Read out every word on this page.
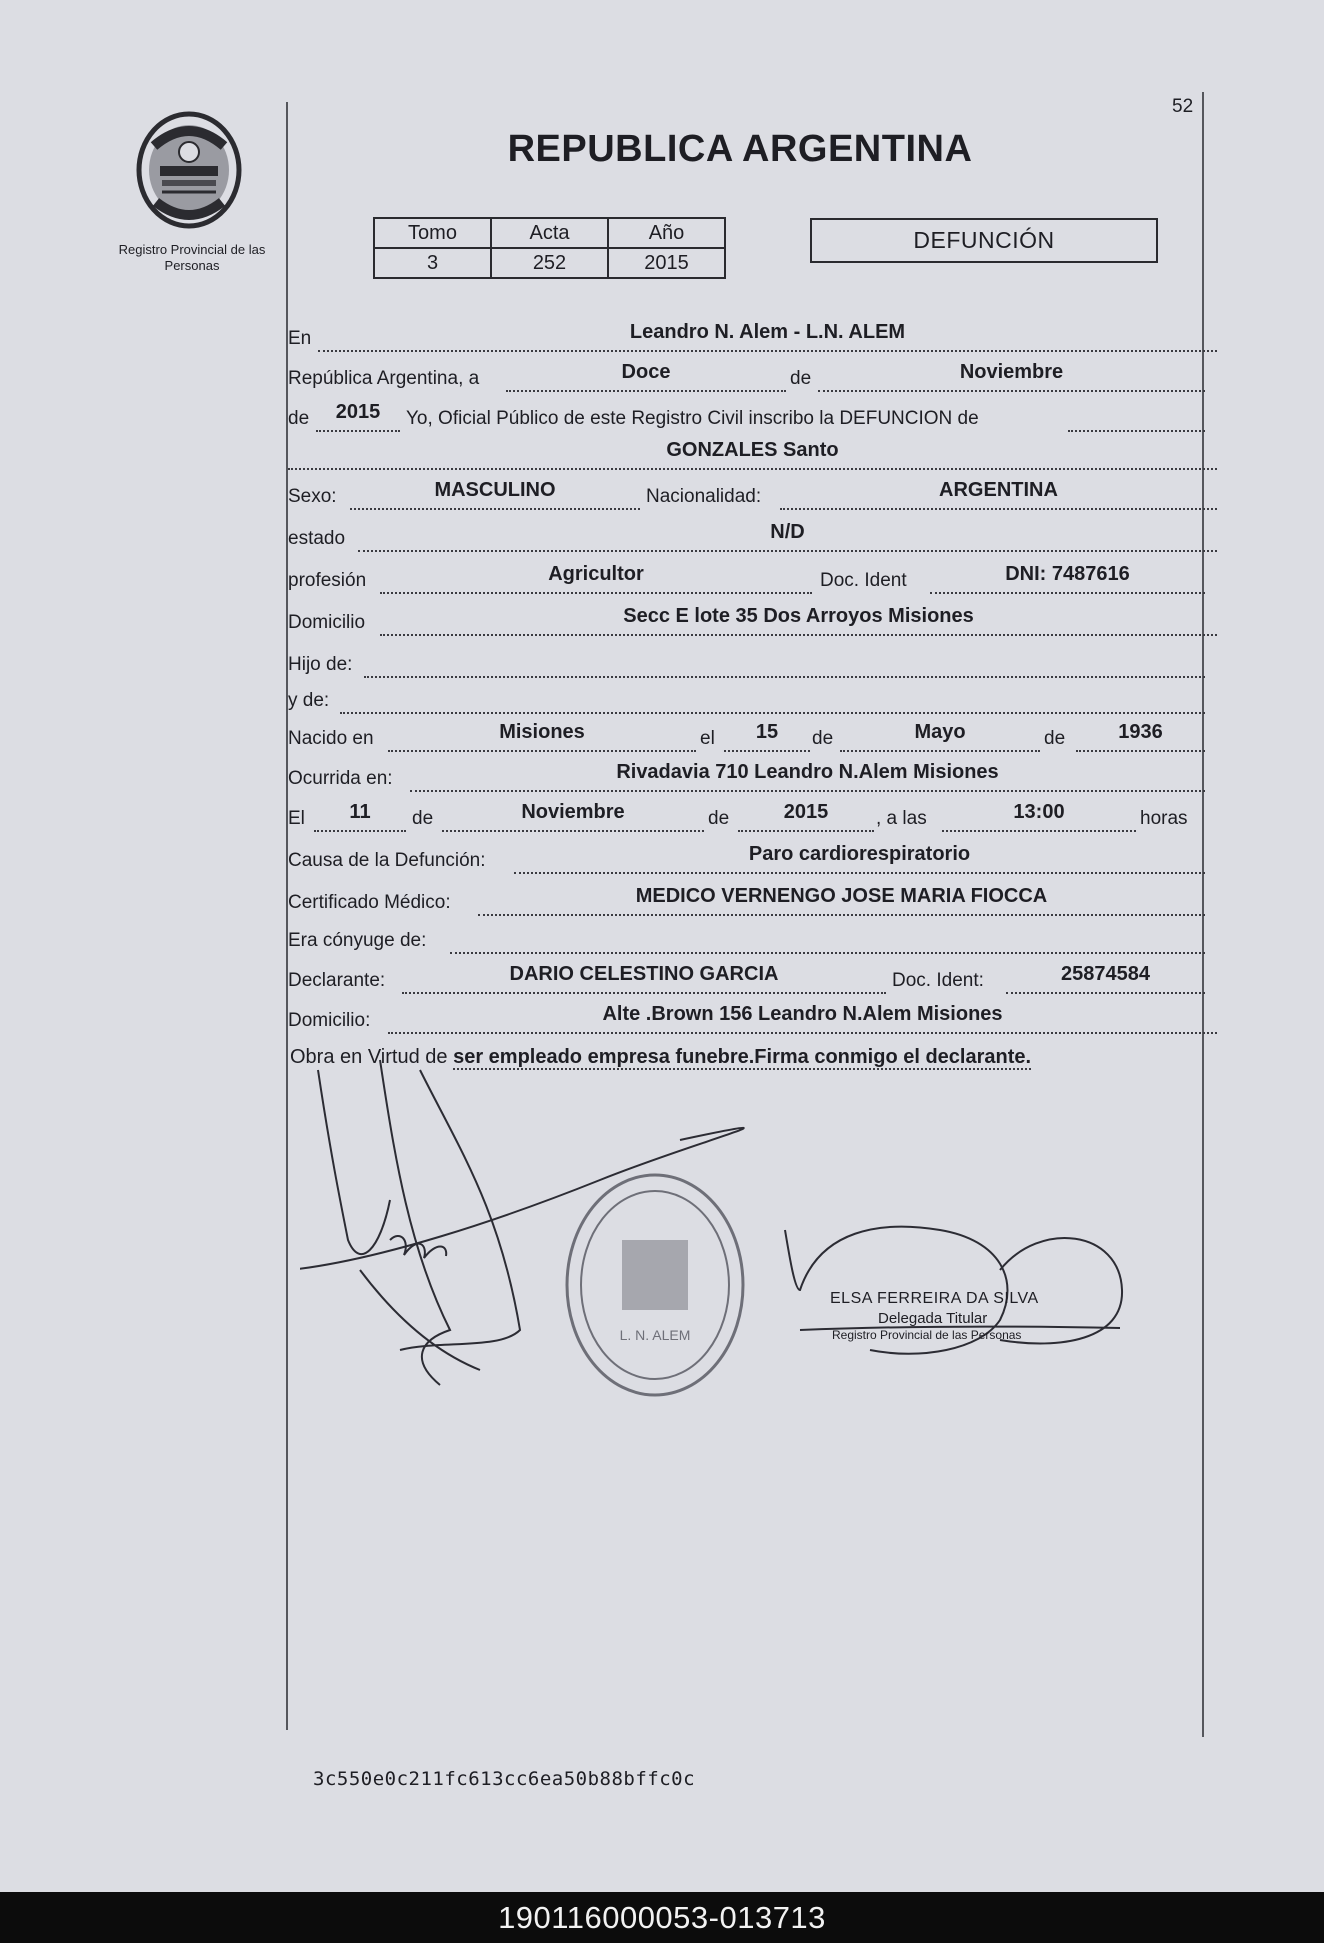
52
Registro Provincial de las Personas
REPUBLICA ARGENTINA
Tomo	Acta	Año
3	252	2015
DEFUNCIÓN
En	Leandro N. Alem - L.N. ALEM
República Argentina, a	Doce	de	Noviembre
de	2015	Yo, Oficial Público de este Registro Civil inscribo la DEFUNCION de
GONZALES Santo
Sexo:	MASCULINO	Nacionalidad:	ARGENTINA
estado	N/D
profesión	Agricultor	Doc. Ident	DNI: 7487616
Domicilio	Secc E lote 35 Dos Arroyos Misiones
Hijo de:
y de:
Nacido en	Misiones	el	15	de	Mayo	de	1936
Ocurrida en:	Rivadavia 710 Leandro N.Alem Misiones
El	11	de	Noviembre	de	2015	, a las	13:00	horas
Causa de la Defunción:	Paro cardiorespiratorio
Certificado Médico:	MEDICO VERNENGO JOSE MARIA FIOCCA
Era cónyuge de:
Declarante:	DARIO CELESTINO GARCIA	Doc. Ident:	25874584
Domicilio:	Alte .Brown 156 Leandro N.Alem Misiones
Obra en Virtud de ser empleado empresa funebre.Firma conmigo el declarante.
L. N. ALEM
ELSA FERREIRA DA SILVA
Delegada Titular
Registro Provincial de las Personas
3c550e0c211fc613cc6ea50b88bffc0c
190116000053-013713
